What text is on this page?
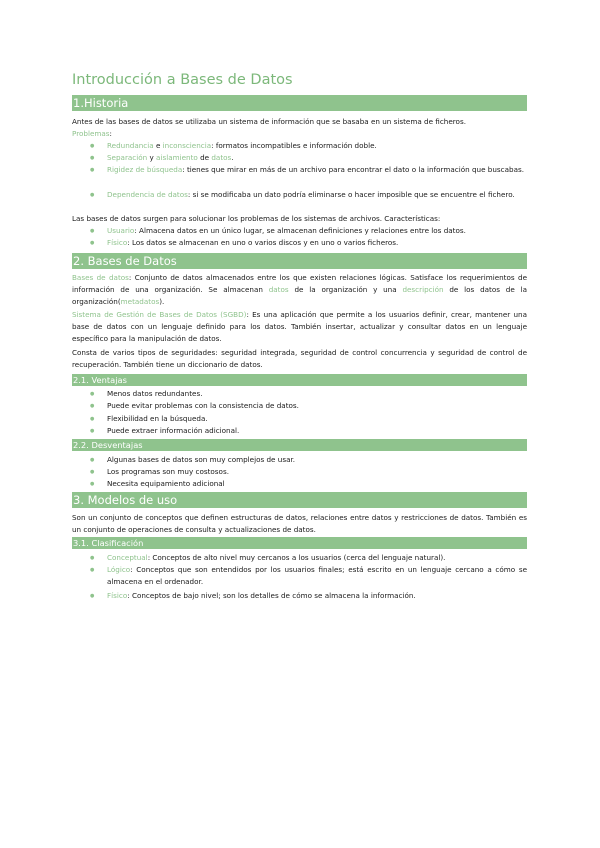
Introducción a Bases de Datos
1.Historia
Antes de las bases de datos se utilizaba un sistema de información que se basaba en un sistema de ficheros.
Problemas:
● Redundancia e inconsciencia: formatos incompatibles e información doble.
● Separación y aislamiento de datos.
● Rigidez de búsqueda: tienes que mirar en más de un archivo para encontrar el dato o la información que buscabas.
● Dependencia de datos: si se modificaba un dato podría eliminarse o hacer imposible que se encuentre el fichero.
Las bases de datos surgen para solucionar los problemas de los sistemas de archivos. Características:
● Usuario: Almacena datos en un único lugar, se almacenan definiciones y relaciones entre los datos.
● Físico: Los datos se almacenan en uno o varios discos y en uno o varios ficheros.
2. Bases de Datos
Bases de datos: Conjunto de datos almacenados entre los que existen relaciones lógicas. Satisface los requerimientos de información de una organización. Se almacenan datos de la organización y una descripción de los datos de la organización(metadatos).
Sistema de Gestión de Bases de Datos (SGBD): Es una aplicación que permite a los usuarios definir, crear, mantener una base de datos con un lenguaje definido para los datos. También insertar, actualizar y consultar datos en un lenguaje específico para la manipulación de datos.
Consta de varios tipos de seguridades: seguridad integrada, seguridad de control concurrencia y seguridad de control de recuperación. También tiene un diccionario de datos.
2.1. Ventajas
● Menos datos redundantes.
● Puede evitar problemas con la consistencia de datos.
● Flexibilidad en la búsqueda.
● Puede extraer información adicional.
2.2. Desventajas
● Algunas bases de datos son muy complejos de usar.
● Los programas son muy costosos.
● Necesita equipamiento adicional
3. Modelos de uso
Son un conjunto de conceptos que definen estructuras de datos, relaciones entre datos y restricciones de datos. También es un conjunto de operaciones de consulta y actualizaciones de datos.
3.1. Clasificación
● Conceptual: Conceptos de alto nivel muy cercanos a los usuarios (cerca del lenguaje natural).
● Lógico: Conceptos que son entendidos por los usuarios finales; está escrito en un lenguaje cercano a cómo se almacena en el ordenador.
● Físico: Conceptos de bajo nivel; son los detalles de cómo se almacena la información.
